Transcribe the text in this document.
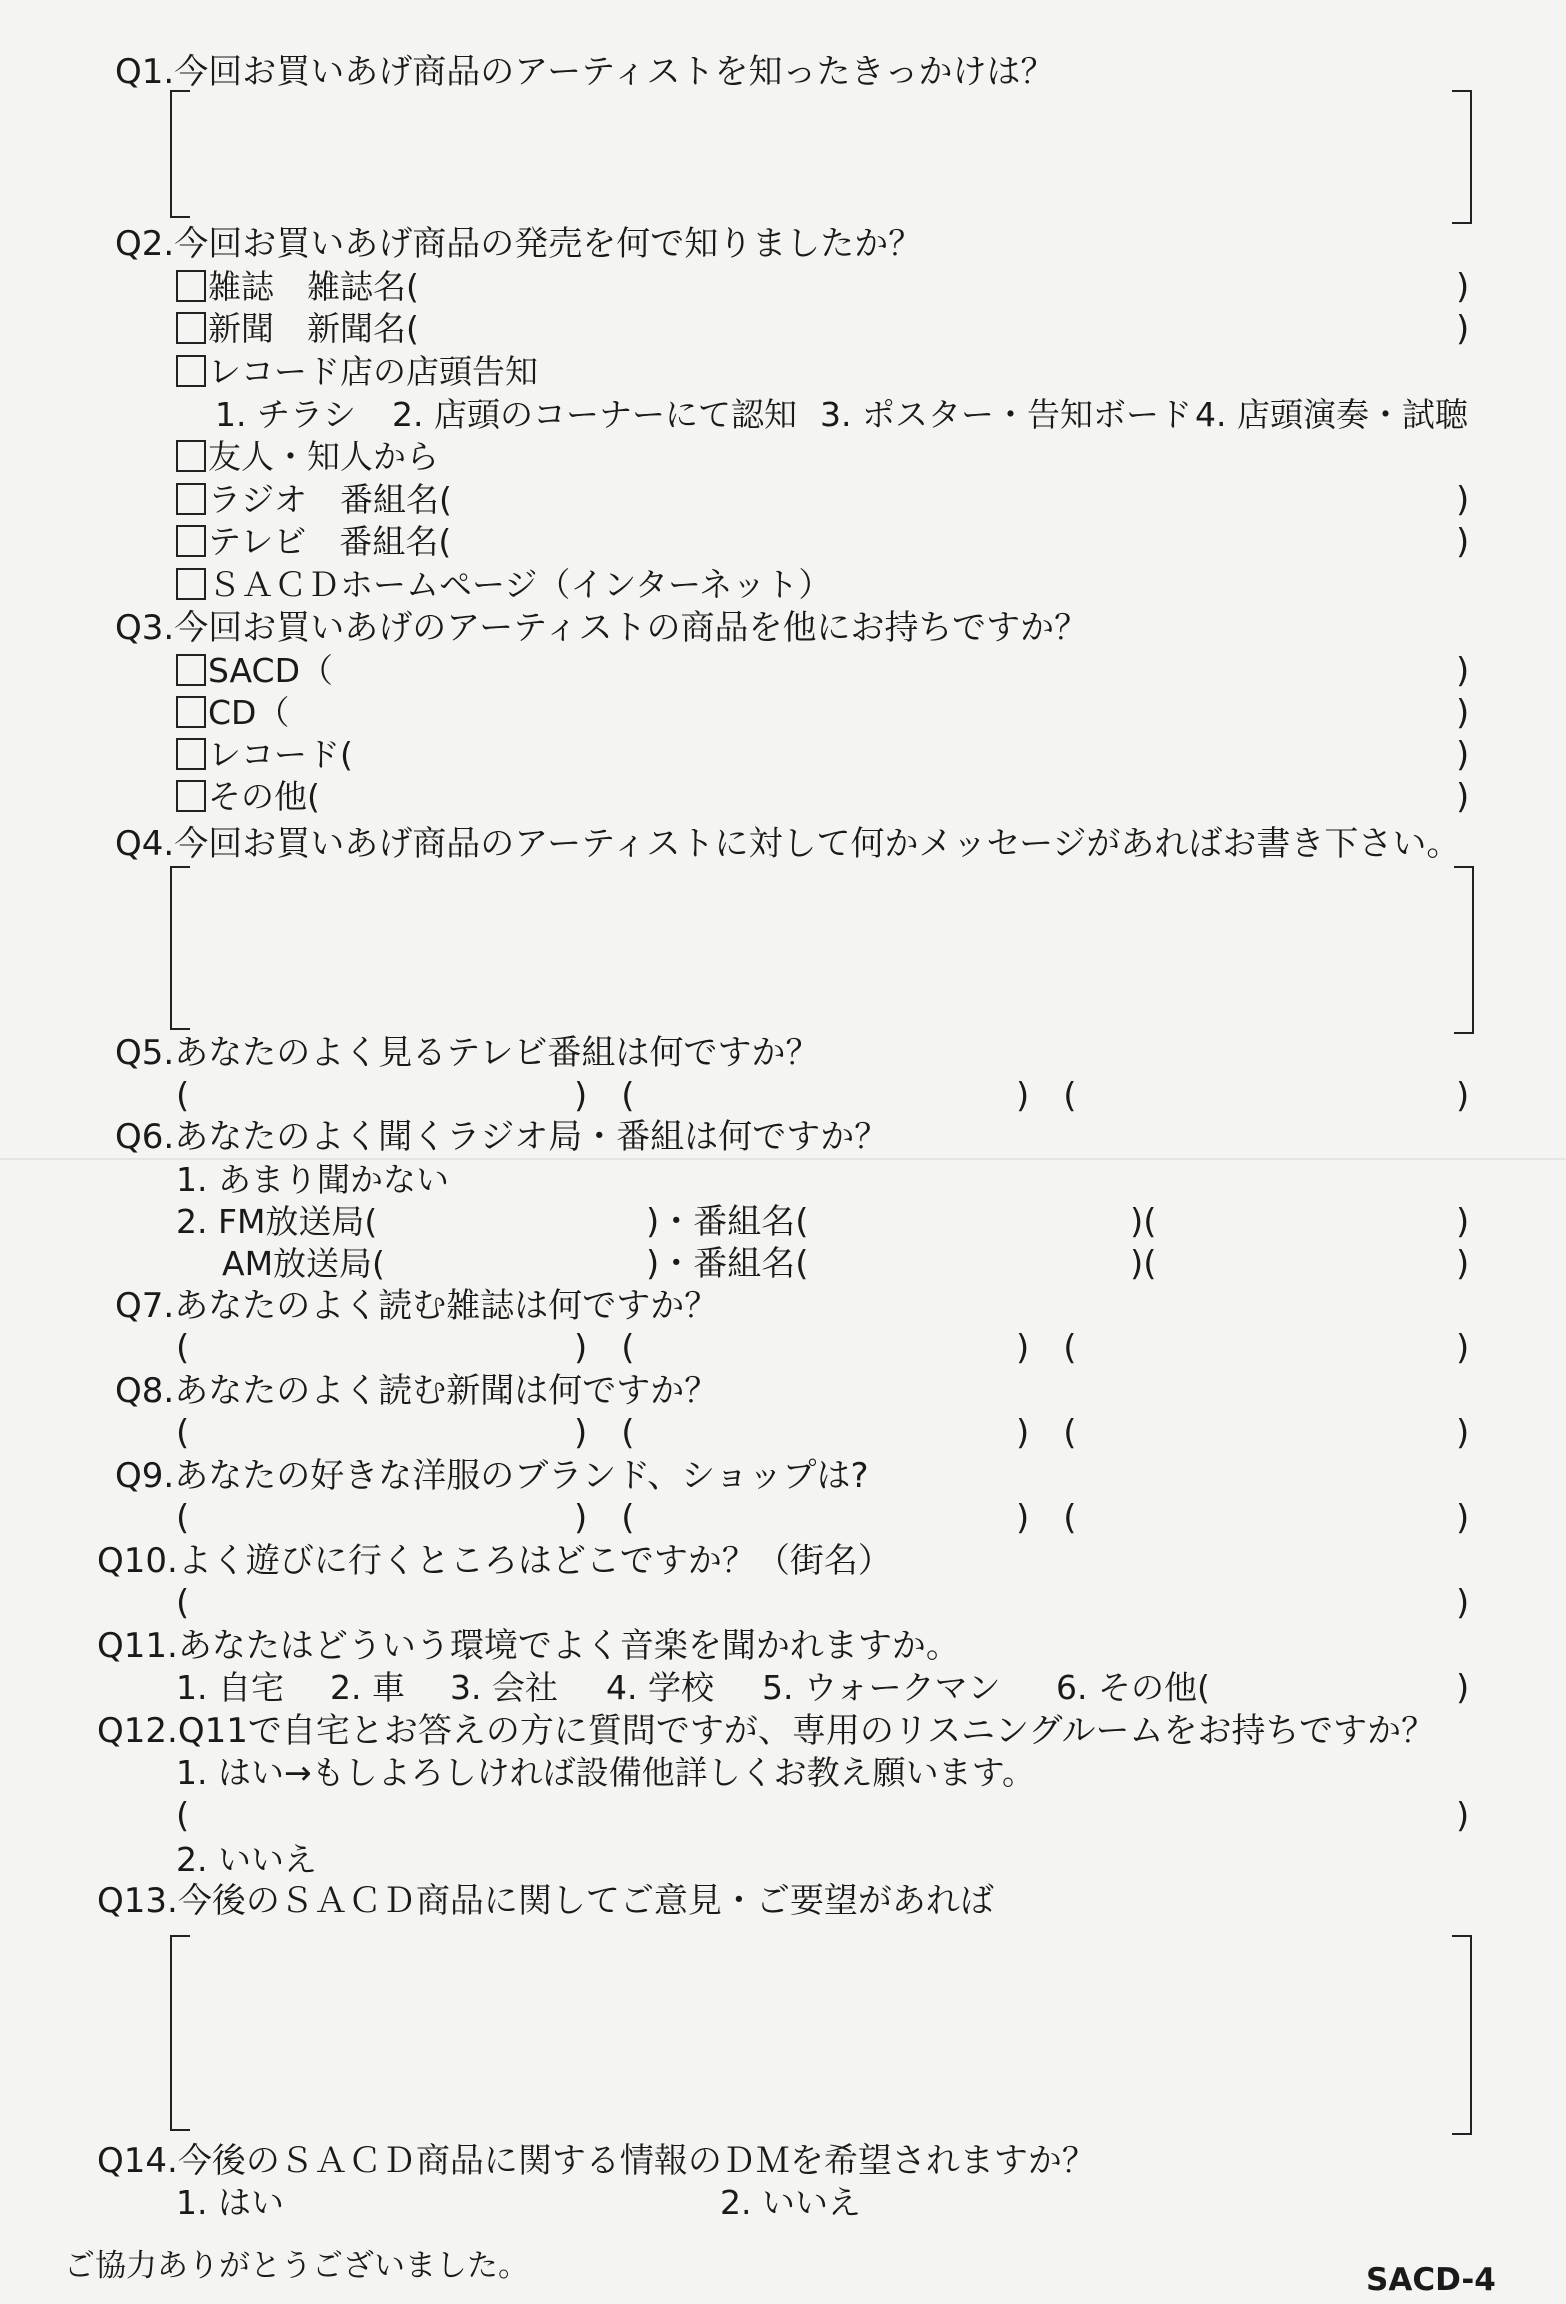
Q1.今回お買いあげ商品のアーティストを知ったきっかけは？
Q2.今回お買いあげ商品の発売を何で知りましたか？
雑誌　雑誌名(	)
新聞　新聞名(	)
レコード店の店頭告知
1. チラシ 2. 店頭のコーナーにて認知 3. ポスター・告知ボード 4. 店頭演奏・試聴
友人・知人から
ラジオ　番組名(	)
テレビ　番組名(	)
ＳＡＣＤホームページ（インターネット）
Q3.今回お買いあげのアーティストの商品を他にお持ちですか？
SACD（	)
CD（	)
レコード(	)
その他(	)
Q4.今回お買いあげ商品のアーティストに対して何かメッセージがあればお書き下さい。
Q5.あなたのよく見るテレビ番組は何ですか？
(	)　(	)　(	)
Q6.あなたのよく聞くラジオ局・番組は何ですか？
1. あまり聞かない
2. FM放送局(	)・番組名(	)(	)
AM放送局(	)・番組名(	)(	)
Q7.あなたのよく読む雑誌は何ですか？
(	)　(	)　(	)
Q8.あなたのよく読む新聞は何ですか？
(	)　(	)　(	)
Q9.あなたの好きな洋服のブランド、ショップは?
(	)　(	)　(	)
Q10.よく遊びに行くところはどこですか？（街名）
(	)
Q11.あなたはどういう環境でよく音楽を聞かれますか。
1. 自宅 2. 車 3. 会社 4. 学校 5. ウォークマン 6. その他(	)
Q12.Q11で自宅とお答えの方に質問ですが、専用のリスニングルームをお持ちですか？
1. はい→もしよろしければ設備他詳しくお教え願います。
(	)
2. いいえ
Q13.今後のＳＡＣＤ商品に関してご意見・ご要望があれば
Q14.今後のＳＡＣＤ商品に関する情報のＤＭを希望されますか？
1. はい	2. いいえ
ご協力ありがとうございました。	SACD-4
